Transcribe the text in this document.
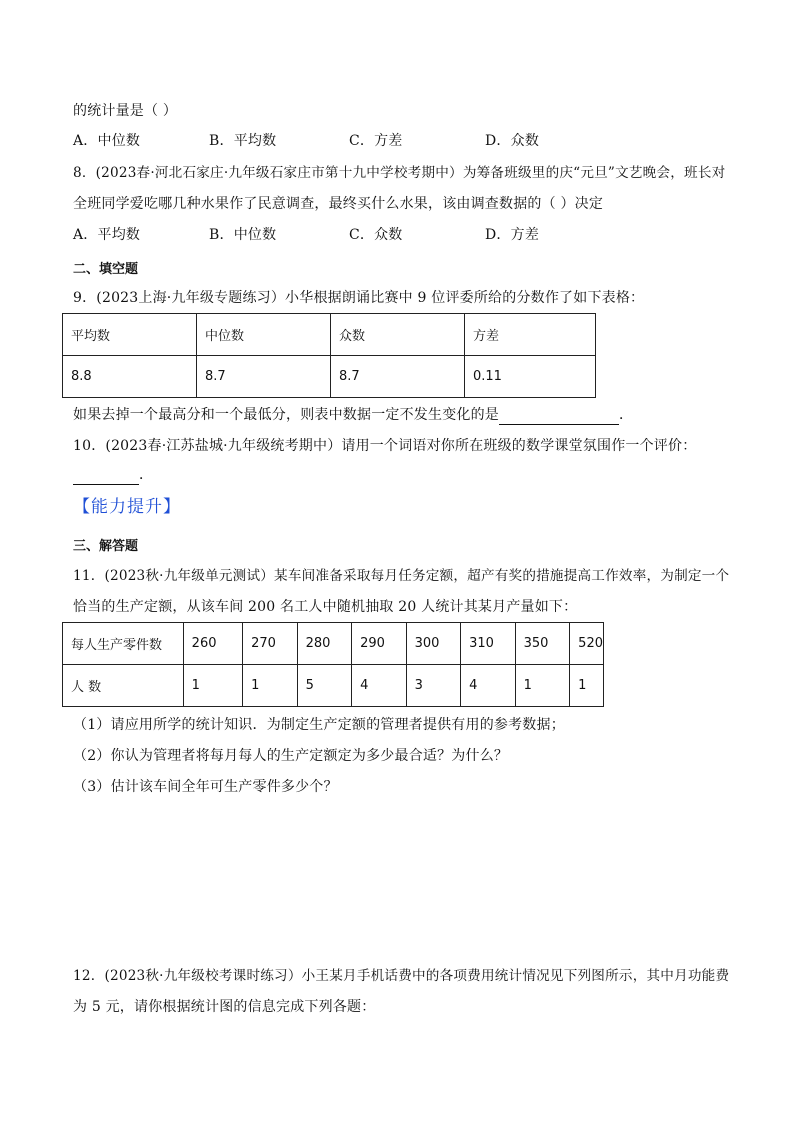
的统计量是（ ）
A．中位数	B．平均数	C．方差	D．众数
8．(2023春·河北石家庄·九年级石家庄市第十九中学校考期中）为筹备班级里的庆“元旦”文艺晚会，班长对
全班同学爱吃哪几种水果作了民意调查，最终买什么水果，该由调查数据的（ ）决定
A．平均数	B．中位数	C．众数	D．方差
二、填空题
9．(2023上海·九年级专题练习）小华根据朗诵比赛中 9 位评委所给的分数作了如下表格：
平均数	中位数	众数	方差
8.8	8.7	8.7	0.11
如果去掉一个最高分和一个最低分，则表中数据一定不发生变化的是	．
10．(2023春·江苏盐城·九年级统考期中）请用一个词语对你所在班级的数学课堂氛围作一个评价：
．
【能力提升】
三、解答题
11．(2023秋·九年级单元测试）某车间准备采取每月任务定额，超产有奖的措施提高工作效率，为制定一个
恰当的生产定额，从该车间 200 名工人中随机抽取 20 人统计其某月产量如下：
每人生产零件数	260	270	280	290	300	310	350	520
人 数	1	1	5	4	3	4	1	1
（1）请应用所学的统计知识．为制定生产定额的管理者提供有用的参考数据；
（2）你认为管理者将每月每人的生产定额定为多少最合适？为什么？
（3）估计该车间全年可生产零件多少个？
12．(2023秋·九年级校考课时练习）小王某月手机话费中的各项费用统计情况见下列图所示，其中月功能费
为 5 元，请你根据统计图的信息完成下列各题：
